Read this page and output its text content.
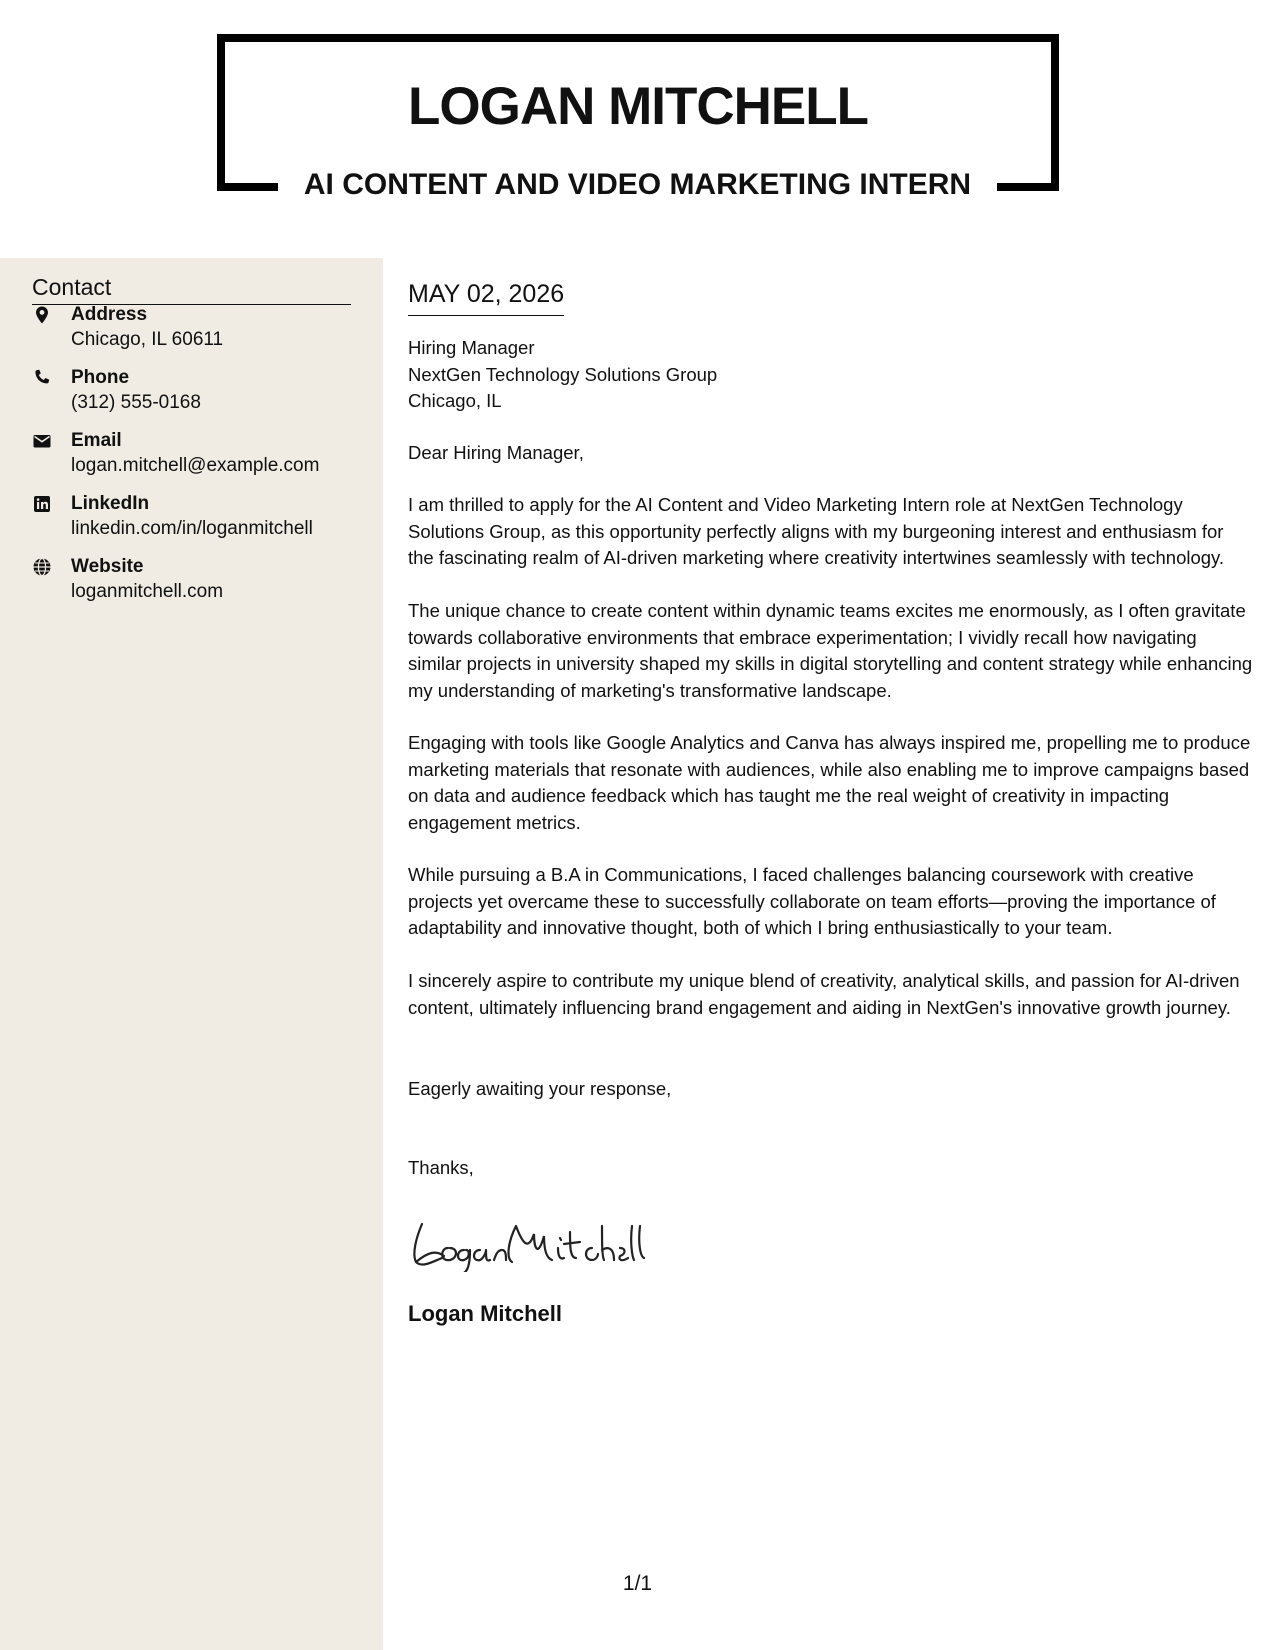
LOGAN MITCHELL
AI CONTENT AND VIDEO MARKETING INTERN
Contact
Address
Chicago, IL 60611
Phone
(312) 555-0168
Email
logan.mitchell@example.com
LinkedIn
linkedin.com/in/loganmitchell
Website
loganmitchell.com
MAY 02, 2026
Hiring Manager
NextGen Technology Solutions Group
Chicago, IL
Dear Hiring Manager,

I am thrilled to apply for the AI Content and Video Marketing Intern role at NextGen Technology Solutions Group, as this opportunity perfectly aligns with my burgeoning interest and enthusiasm for the fascinating realm of AI-driven marketing where creativity intertwines seamlessly with technology.

The unique chance to create content within dynamic teams excites me enormously, as I often gravitate towards collaborative environments that embrace experimentation; I vividly recall how navigating similar projects in university shaped my skills in digital storytelling and content strategy while enhancing my understanding of marketing's transformative landscape.

Engaging with tools like Google Analytics and Canva has always inspired me, propelling me to produce marketing materials that resonate with audiences, while also enabling me to improve campaigns based on data and audience feedback which has taught me the real weight of creativity in impacting engagement metrics.

While pursuing a B.A in Communications, I faced challenges balancing coursework with creative projects yet overcame these to successfully collaborate on team efforts—proving the importance of adaptability and innovative thought, both of which I bring enthusiastically to your team.

I sincerely aspire to contribute my unique blend of creativity, analytical skills, and passion for AI-driven content, ultimately influencing brand engagement and aiding in NextGen's innovative growth journey.

Eagerly awaiting your response,
Thanks,
Logan Mitchell
1/1
